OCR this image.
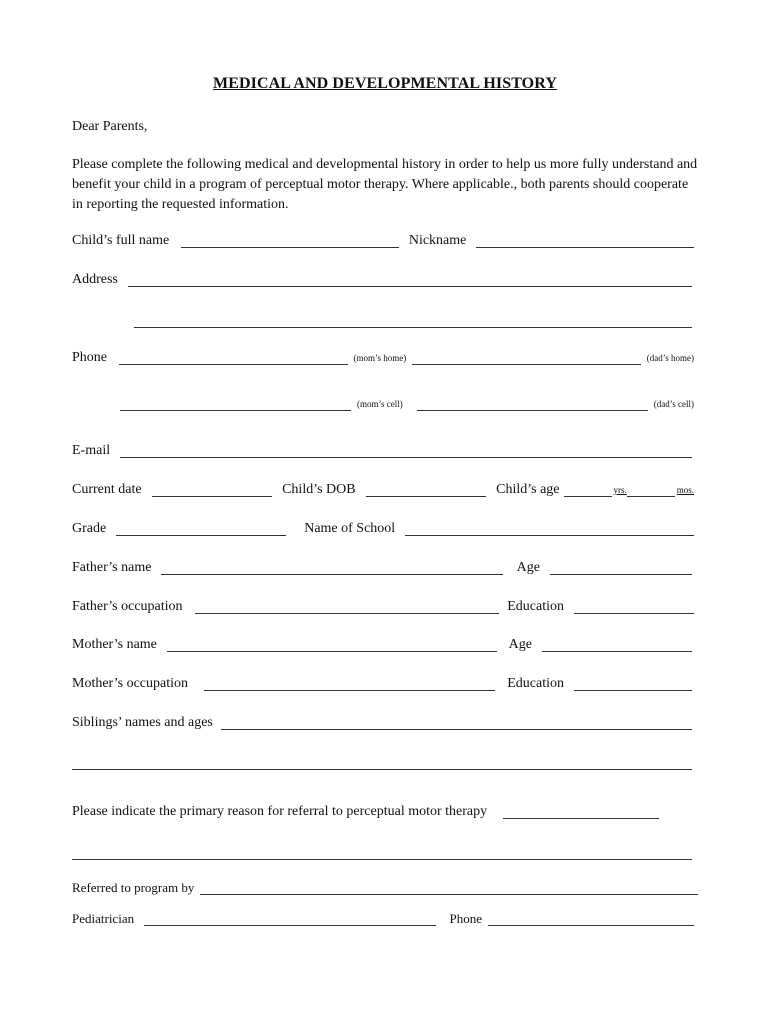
MEDICAL AND DEVELOPMENTAL HISTORY
Dear Parents,
Please complete the following medical and developmental history in order to help us more fully understand and benefit your child in a program of perceptual motor therapy. Where applicable., both parents should cooperate in reporting the requested information.
Child’s full name	Nickname
Address
Phone	(mom’s home)	(dad’s home)
(mom’s cell)	(dad’s cell)
E-mail
Current date	Child’s DOB	Child’s age	yrs.	mos.
Grade	Name of School
Father’s name	Age
Father’s occupation	Education
Mother’s name	Age
Mother’s occupation	Education
Siblings’ names and ages
Please indicate the primary reason for referral to perceptual motor therapy
Referred to program by
Pediatrician	Phone
